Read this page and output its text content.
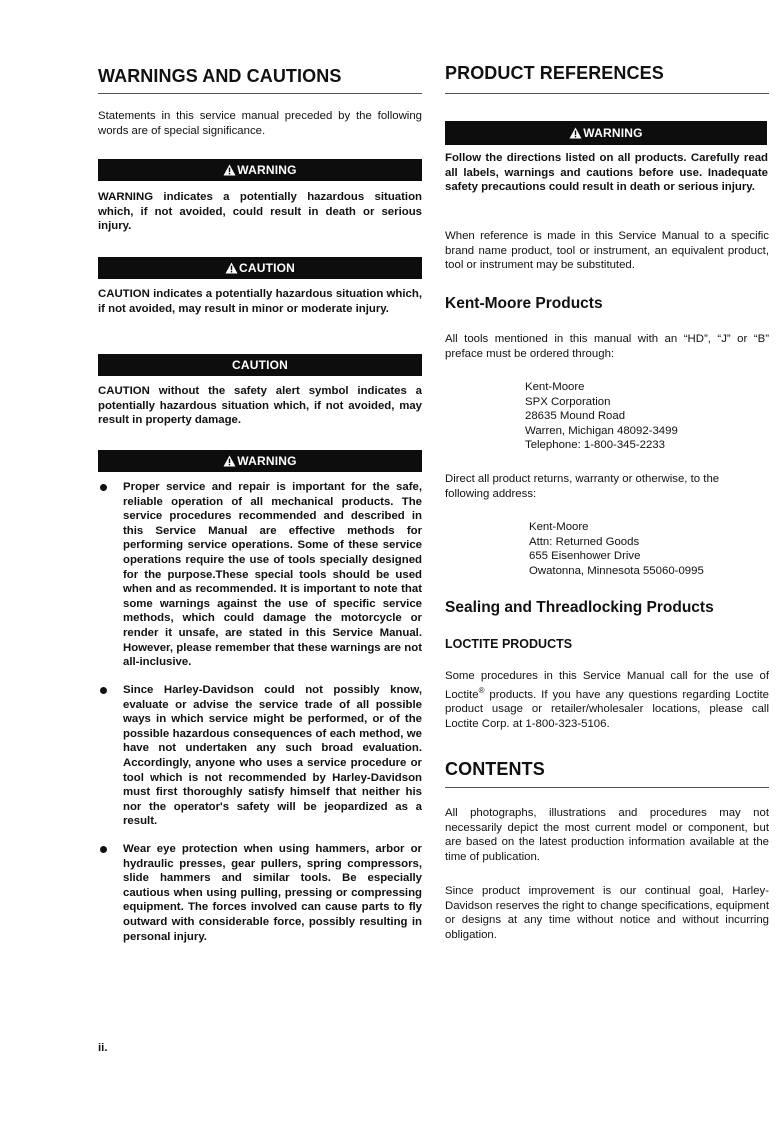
WARNINGS AND CAUTIONS

Statements in this service manual preceded by the following words are of special significance.

WARNING

WARNING indicates a potentially hazardous situation which, if not avoided, could result in death or serious injury.

CAUTION

CAUTION indicates a potentially hazardous situation which, if not avoided, may result in minor or moderate injury.

CAUTION

CAUTION without the safety alert symbol indicates a potentially hazardous situation which, if not avoided, may result in property damage.

WARNING

Proper service and repair is important for the safe, reliable operation of all mechanical products. The service procedures recommended and described in this Service Manual are effective methods for performing service operations. Some of these service operations require the use of tools specially designed for the purpose.These special tools should be used when and as recommended. It is important to note that some warnings against the use of specific service methods, which could damage the motorcycle or render it unsafe, are stated in this Service Manual. However, please remember that these warnings are not all-inclusive.

Since Harley-Davidson could not possibly know, evaluate or advise the service trade of all possible ways in which service might be performed, or of the possible hazardous consequences of each method, we have not undertaken any such broad evaluation. Accordingly, anyone who uses a service procedure or tool which is not recommended by Harley-Davidson must first thoroughly satisfy himself that neither his nor the operator's safety will be jeopardized as a result.

Wear eye protection when using hammers, arbor or hydraulic presses, gear pullers, spring compressors, slide hammers and similar tools. Be especially cautious when using pulling, pressing or compressing equipment. The forces involved can cause parts to fly outward with considerable force, possibly resulting in personal injury.

ii.
PRODUCT REFERENCES
WARNING

Follow the directions listed on all products. Carefully read all labels, warnings and cautions before use. Inadequate safety precautions could result in death or serious injury.

When reference is made in this Service Manual to a specific brand name product, tool or instrument, an equivalent product, tool or instrument may be substituted.

Kent-Moore Products

All tools mentioned in this manual with an “HD”, “J” or “B” preface must be ordered through:

Kent-Moore
SPX Corporation
28635 Mound Road
Warren, Michigan 48092-3499
Telephone: 1-800-345-2233

Direct all product returns, warranty or otherwise, to the following address:

Kent-Moore
Attn: Returned Goods
655 Eisenhower Drive
Owatonna, Minnesota 55060-0995
Sealing and Threadlocking Products
LOCTITE PRODUCTS

Some procedures in this Service Manual call for the use of Loctite® products. If you have any questions regarding Loctite product usage or retailer/wholesaler locations, please call Loctite Corp. at 1-800-323-5106.

CONTENTS

All photographs, illustrations and procedures may not necessarily depict the most current model or component, but are based on the latest production information available at the time of publication.

Since product improvement is our continual goal, Harley-Davidson reserves the right to change specifications, equipment or designs at any time without notice and without incurring obligation.
